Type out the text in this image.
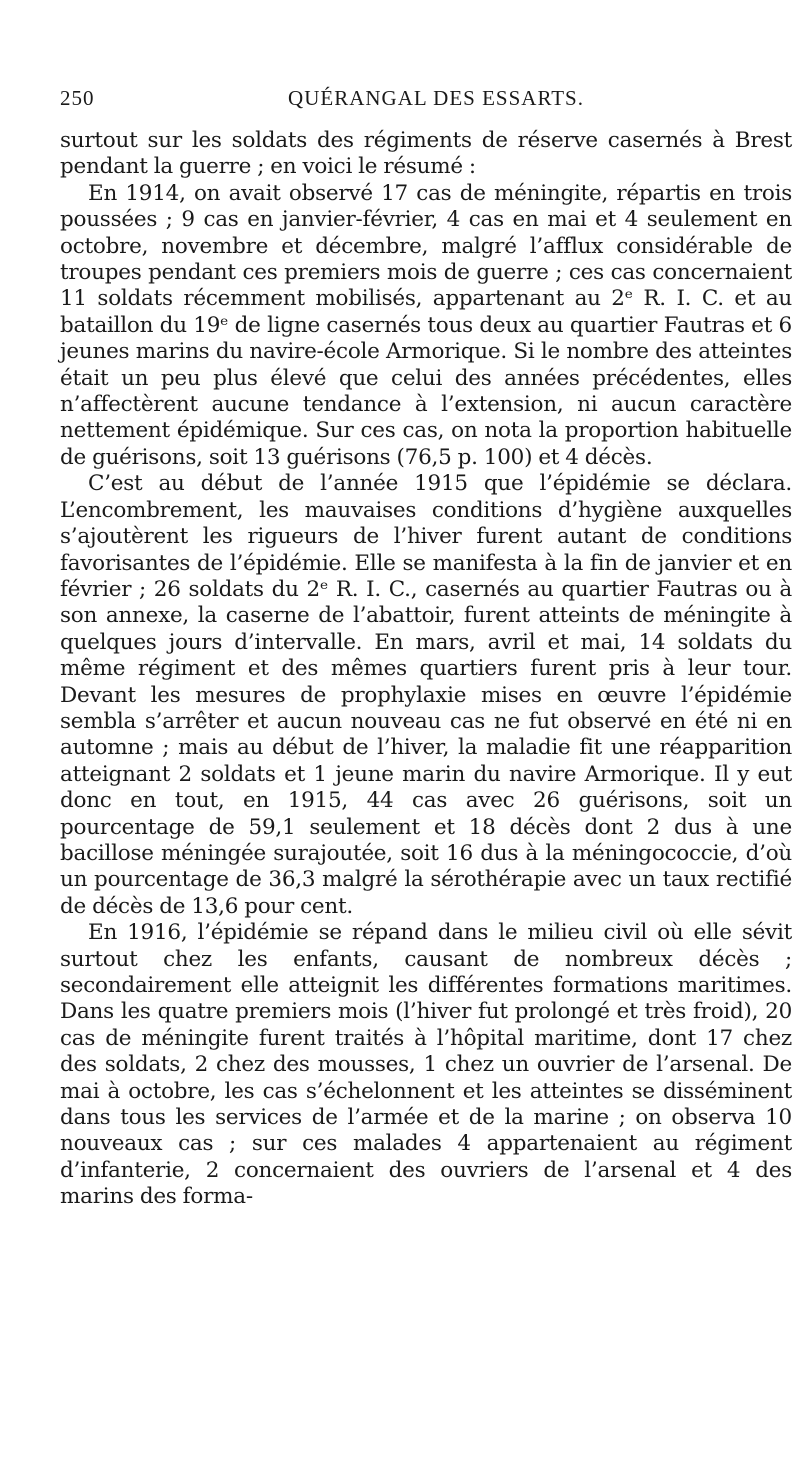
250	QUÉRANGAL DES ESSARTS.

surtout sur les soldats des régiments de réserve casernés à Brest pendant la guerre ; en voici le résumé :

En 1914, on avait observé 17 cas de méningite, répartis en trois poussées ; 9 cas en janvier-février, 4 cas en mai et 4 seulement en octobre, novembre et décembre, malgré l’afflux considérable de troupes pendant ces premiers mois de guerre ; ces cas concernaient 11 soldats récemment mobilisés, appartenant au 2ᵉ R. I. C. et au bataillon du 19ᵉ de ligne casernés tous deux au quartier Fautras et 6 jeunes marins du navire-école Armorique. Si le nombre des atteintes était un peu plus élevé que celui des années précédentes, elles n’affectèrent aucune tendance à l’extension, ni aucun caractère nettement épidémique. Sur ces cas, on nota la proportion habituelle de guérisons, soit 13 guérisons (76,5 p. 100) et 4 décès.

C’est au début de l’année 1915 que l’épidémie se déclara. L’encombrement, les mauvaises conditions d’hygiène auxquelles s’ajoutèrent les rigueurs de l’hiver furent autant de conditions favorisantes de l’épidémie. Elle se manifesta à la fin de janvier et en février ; 26 soldats du 2ᵉ R. I. C., casernés au quartier Fautras ou à son annexe, la caserne de l’abattoir, furent atteints de méningite à quelques jours d’intervalle. En mars, avril et mai, 14 soldats du même régiment et des mêmes quartiers furent pris à leur tour. Devant les mesures de prophylaxie mises en œuvre l’épidémie sembla s’arrêter et aucun nouveau cas ne fut observé en été ni en automne ; mais au début de l’hiver, la maladie fit une réapparition atteignant 2 soldats et 1 jeune marin du navire Armorique. Il y eut donc en tout, en 1915, 44 cas avec 26 guérisons, soit un pourcentage de 59,1 seulement et 18 décès dont 2 dus à une bacillose méningée surajoutée, soit 16 dus à la méningococcie, d’où un pourcentage de 36,3 malgré la sérothérapie avec un taux rectifié de décès de 13,6 pour cent.

En 1916, l’épidémie se répand dans le milieu civil où elle sévit surtout chez les enfants, causant de nombreux décès ; secondairement elle atteignit les différentes formations maritimes. Dans les quatre premiers mois (l’hiver fut prolongé et très froid), 20 cas de méningite furent traités à l’hôpital maritime, dont 17 chez des soldats, 2 chez des mousses, 1 chez un ouvrier de l’arsenal. De mai à octobre, les cas s’échelonnent et les atteintes se disséminent dans tous les services de l’armée et de la marine ; on observa 10 nouveaux cas ; sur ces malades 4 appartenaient au régiment d’infanterie, 2 concernaient des ouvriers de l’arsenal et 4 des marins des forma-
